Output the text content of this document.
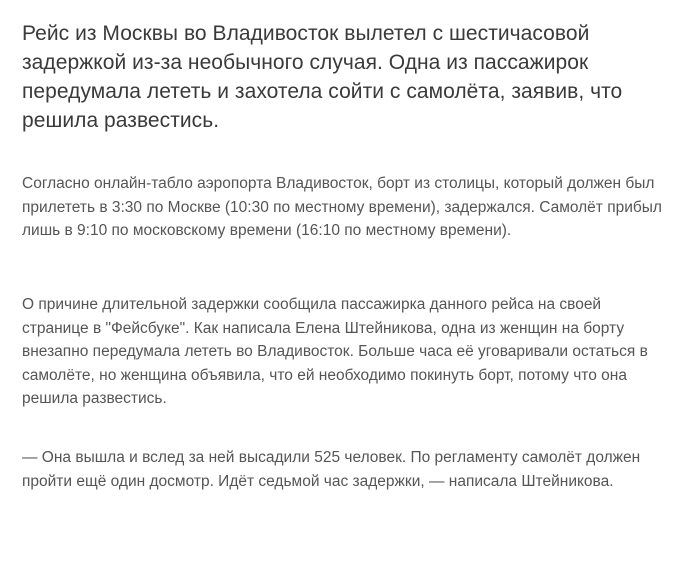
Рейс из Москвы во Владивосток вылетел с шестичасовой задержкой из-за необычного случая. Одна из пассажирок передумала лететь и захотела сойти с самолёта, заявив, что решила развестись.

Согласно онлайн-табло аэропорта Владивосток, борт из столицы, который должен был прилететь в 3:30 по Москве (10:30 по местному времени), задержался. Самолёт прибыл лишь в 9:10 по московскому времени (16:10 по местному времени).

О причине длительной задержки сообщила пассажирка данного рейса на своей странице в "Фейсбуке". Как написала Елена Штейникова, одна из женщин на борту внезапно передумала лететь во Владивосток. Больше часа её уговаривали остаться в самолёте, но женщина объявила, что ей необходимо покинуть борт, потому что она решила развестись.

— Она вышла и вслед за ней высадили 525 человек. По регламенту самолёт должен пройти ещё один досмотр. Идёт седьмой час задержки, — написала Штейникова.
